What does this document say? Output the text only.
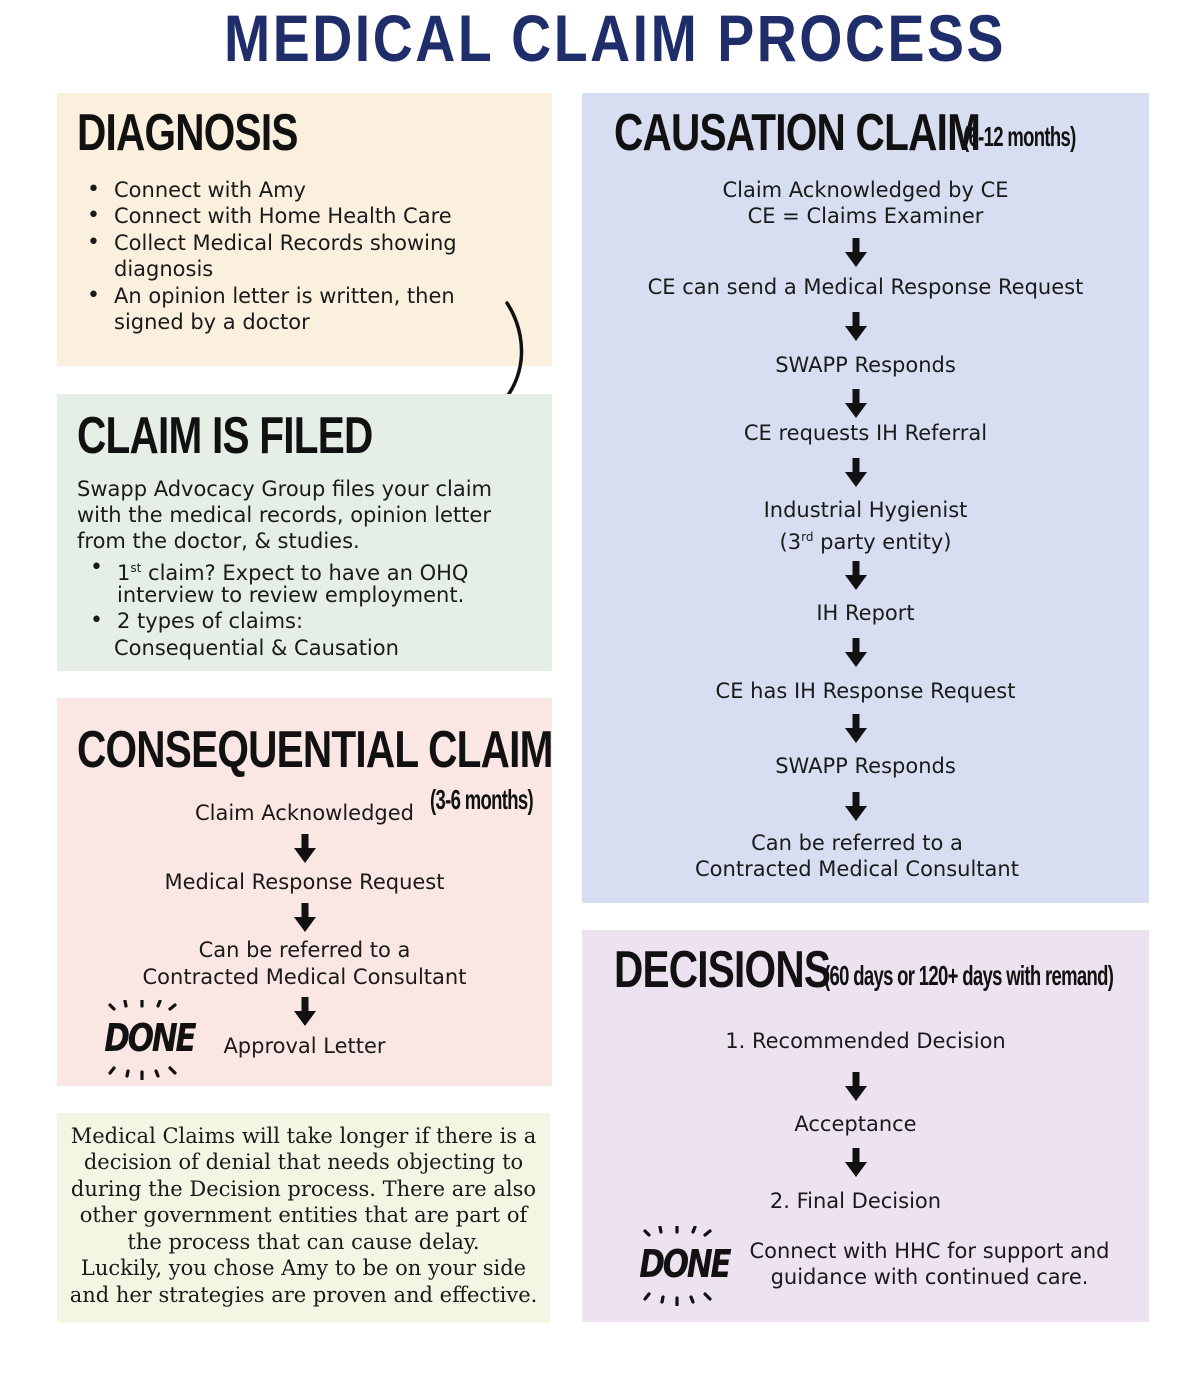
MEDICAL CLAIM PROCESS
DIAGNOSIS
• Connect with Amy
• Connect with Home Health Care
• Collect Medical Records showing
diagnosis
• An opinion letter is written, then
signed by a doctor
CLAIM IS FILED
Swapp Advocacy Group files your claim
with the medical records, opinion letter
from the doctor, & studies.
• 1st claim? Expect to have an OHQ
interview to review employment.
• 2 types of claims:
Consequential & Causation
CONSEQUENTIAL CLAIM
(3-6 months)
Claim Acknowledged
Medical Response Request
Can be referred to a
Contracted Medical Consultant
Approval Letter
DONE
Medical Claims will take longer if there is a
decision of denial that needs objecting to
during the Decision process. There are also
other government entities that are part of
the process that can cause delay.
Luckily, you chose Amy to be on your side
and her strategies are proven and effective.
CAUSATION CLAIM
(6-12 months)
Claim Acknowledged by CE
CE = Claims Examiner
CE can send a Medical Response Request
SWAPP Responds
CE requests IH Referral
Industrial Hygienist
(3rd party entity)
IH Report
CE has IH Response Request
SWAPP Responds
Can be referred to a
Contracted Medical Consultant
DECISIONS
(60 days or 120+ days with remand)
1. Recommended Decision
Acceptance
2. Final Decision
Connect with HHC for support and
guidance with continued care.
DONE
